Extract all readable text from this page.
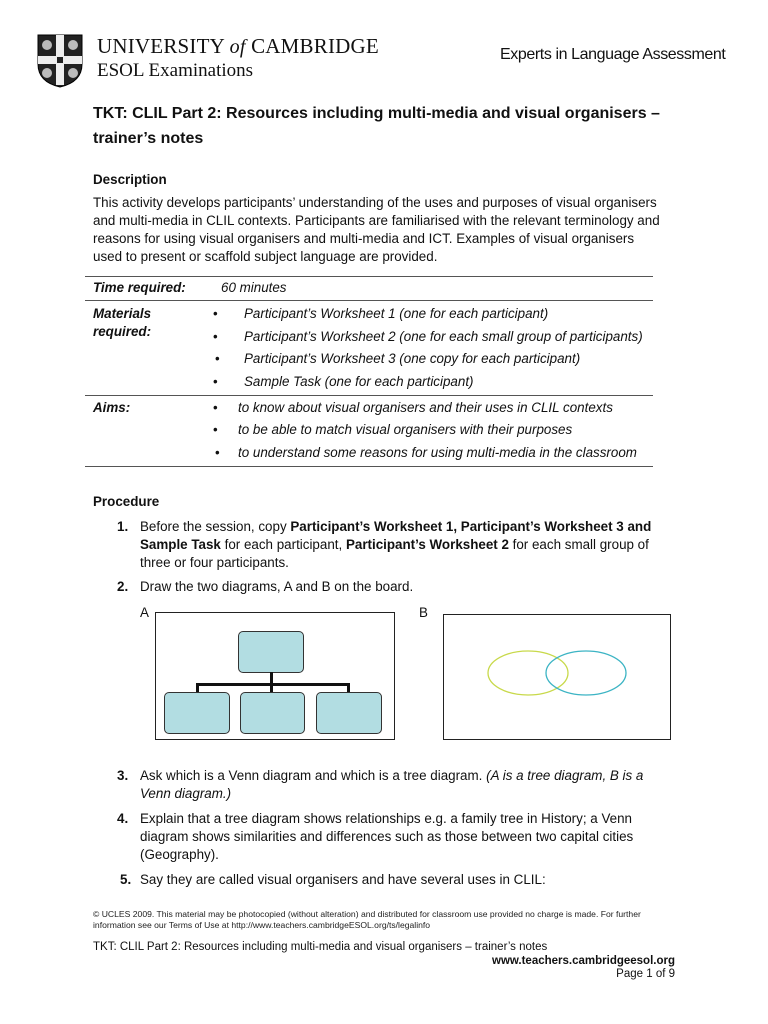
UNIVERSITY of CAMBRIDGE
ESOL Examinations
Experts in Language Assessment
TKT: CLIL Part 2: Resources including multi-media and visual organisers – trainer’s notes
Description
This activity develops participants’ understanding of the uses and purposes of visual organisers and multi-media in CLIL contexts. Participants are familiarised with the relevant terminology and reasons for using visual organisers and multi-media and ICT. Examples of visual organisers used to present or scaffold subject language are provided.
Time required:	60 minutes
Materials required:
• Participant’s Worksheet 1 (one for each participant)
• Participant’s Worksheet 2 (one for each small group of participants)
• Participant’s Worksheet 3 (one copy for each participant)
• Sample Task (one for each participant)
Aims:	• to know about visual organisers and their uses in CLIL contexts
• to be able to match visual organisers with their purposes
• to understand some reasons for using multi-media in the classroom
Procedure
1. Before the session, copy Participant’s Worksheet 1, Participant’s Worksheet 3 and Sample Task for each participant, Participant’s Worksheet 2 for each small group of three or four participants.
2. Draw the two diagrams, A and B on the board.
A	B
3. Ask which is a Venn diagram and which is a tree diagram. (A is a tree diagram, B is a Venn diagram.)
4. Explain that a tree diagram shows relationships e.g. a family tree in History; a Venn diagram shows similarities and differences such as those between two capital cities (Geography).
5. Say they are called visual organisers and have several uses in CLIL:
© UCLES 2009. This material may be photocopied (without alteration) and distributed for classroom use provided no charge is made. For further information see our Terms of Use at http://www.teachers.cambridgeESOL.org/ts/legalinfo
TKT: CLIL Part 2: Resources including multi-media and visual organisers – trainer’s notes
www.teachers.cambridgeesol.org
Page 1 of 9
